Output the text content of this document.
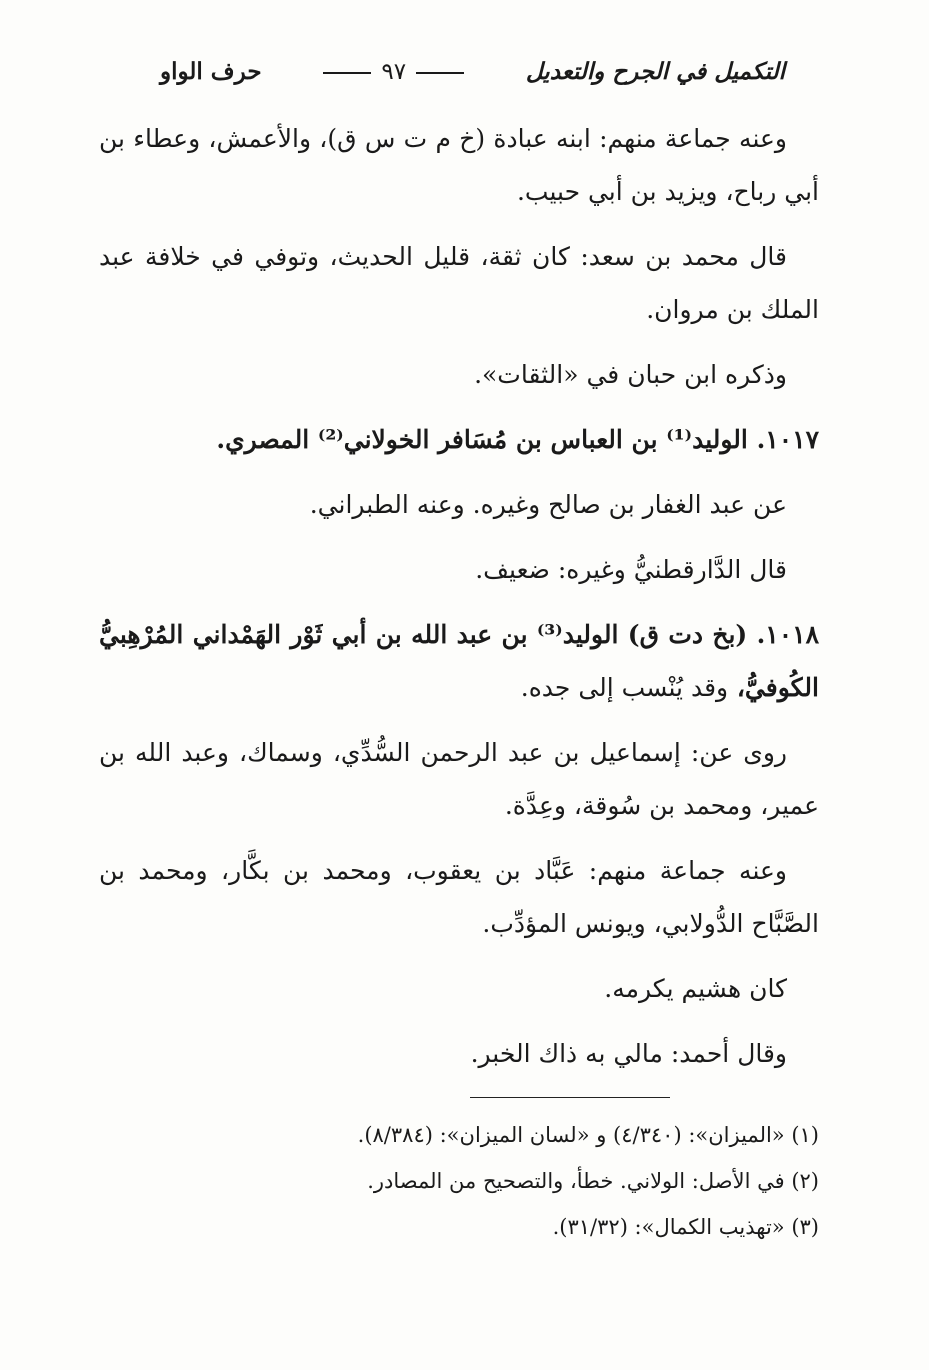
التكميل في الجرح والتعديل
٩٧
حرف الواو

وعنه جماعة منهم: ابنه عبادة (خ م ت س ق)، والأعمش، وعطاء بن أبي رباح، ويزيد بن أبي حبيب.

قال محمد بن سعد: كان ثقة، قليل الحديث، وتوفي في خلافة عبد الملك بن مروان.

وذكره ابن حبان في «الثقات».

١٠١٧. الوليد⁽¹⁾ بن العباس بن مُسَافر الخولاني⁽²⁾ المصري.

عن عبد الغفار بن صالح وغيره. وعنه الطبراني.

قال الدَّارقطنيُّ وغيره: ضعيف.

١٠١٨. (بخ دت ق) الوليد⁽³⁾ بن عبد الله بن أبي ثَوْر الهَمْداني المُرْهِبيُّ الكُوفيُّ، وقد يُنْسب إلى جده.

روى عن: إسماعيل بن عبد الرحمن السُّدِّي، وسماك، وعبد الله بن عمير، ومحمد بن سُوقة، وعِدَّة.

وعنه جماعة منهم: عَبَّاد بن يعقوب، ومحمد بن بكَّار، ومحمد بن الصَّبَّاح الدُّولابي، ويونس المؤدِّب.

كان هشيم يكرمه.

وقال أحمد: مالي به ذاك الخبر.

(١) «الميزان»: (٤/٣٤٠) و «لسان الميزان»: (٨/٣٨٤).
(٢) في الأصل: الولاني. خطأ، والتصحيح من المصادر.
(٣) «تهذيب الكمال»: (٣١/٣٢).
